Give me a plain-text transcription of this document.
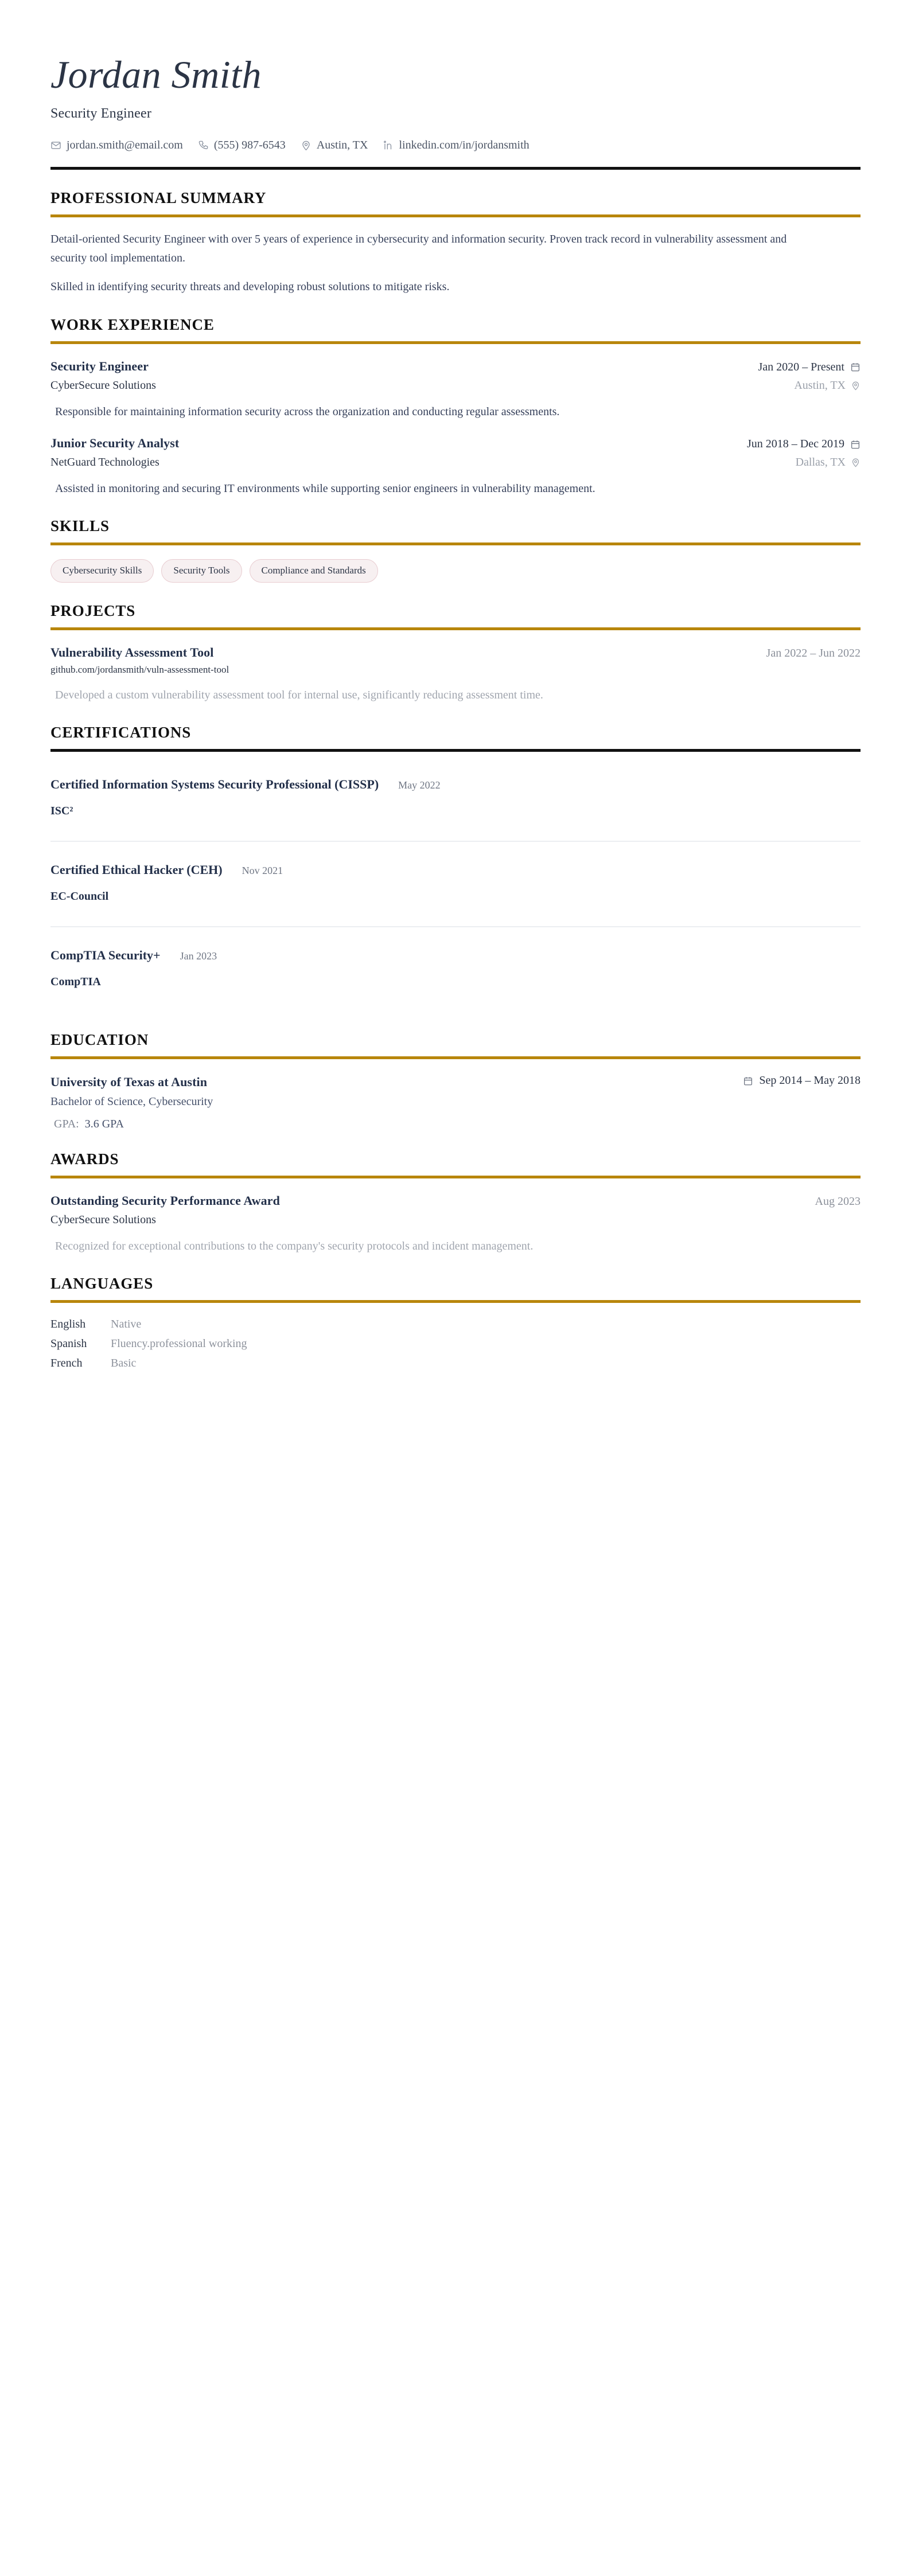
Jordan Smith
Security Engineer
jordan.smith@email.com	(555) 987-6543	Austin, TX	linkedin.com/in/jordansmith
PROFESSIONAL SUMMARY

Detail-oriented Security Engineer with over 5 years of experience in cybersecurity and information security. Proven track record in vulnerability assessment and security tool implementation.

Skilled in identifying security threats and developing robust solutions to mitigate risks.

WORK EXPERIENCE
Security Engineer	Jan 2020 – Present
CyberSecure Solutions	Austin, TX
Responsible for maintaining information security across the organization and conducting regular assessments.
Junior Security Analyst	Jun 2018 – Dec 2019
NetGuard Technologies	Dallas, TX
Assisted in monitoring and securing IT environments while supporting senior engineers in vulnerability management.
SKILLS
Cybersecurity Skills	Security Tools	Compliance and Standards
PROJECTS
Vulnerability Assessment Tool	Jan 2022 – Jun 2022
github.com/jordansmith/vuln-assessment-tool
Developed a custom vulnerability assessment tool for internal use, significantly reducing assessment time.
CERTIFICATIONS
Certified Information Systems Security Professional (CISSP) May 2022
ISC²
Certified Ethical Hacker (CEH) Nov 2021
EC-Council
CompTIA Security+ Jan 2023
CompTIA
EDUCATION
University of Texas at Austin	Sep 2014 – May 2018
Bachelor of Science, Cybersecurity
GPA: 3.6 GPA
AWARDS
Outstanding Security Performance Award	Aug 2023
CyberSecure Solutions
Recognized for exceptional contributions to the company's security protocols and incident management.
LANGUAGES
English	Native
Spanish	Fluency.professional working
French	Basic
